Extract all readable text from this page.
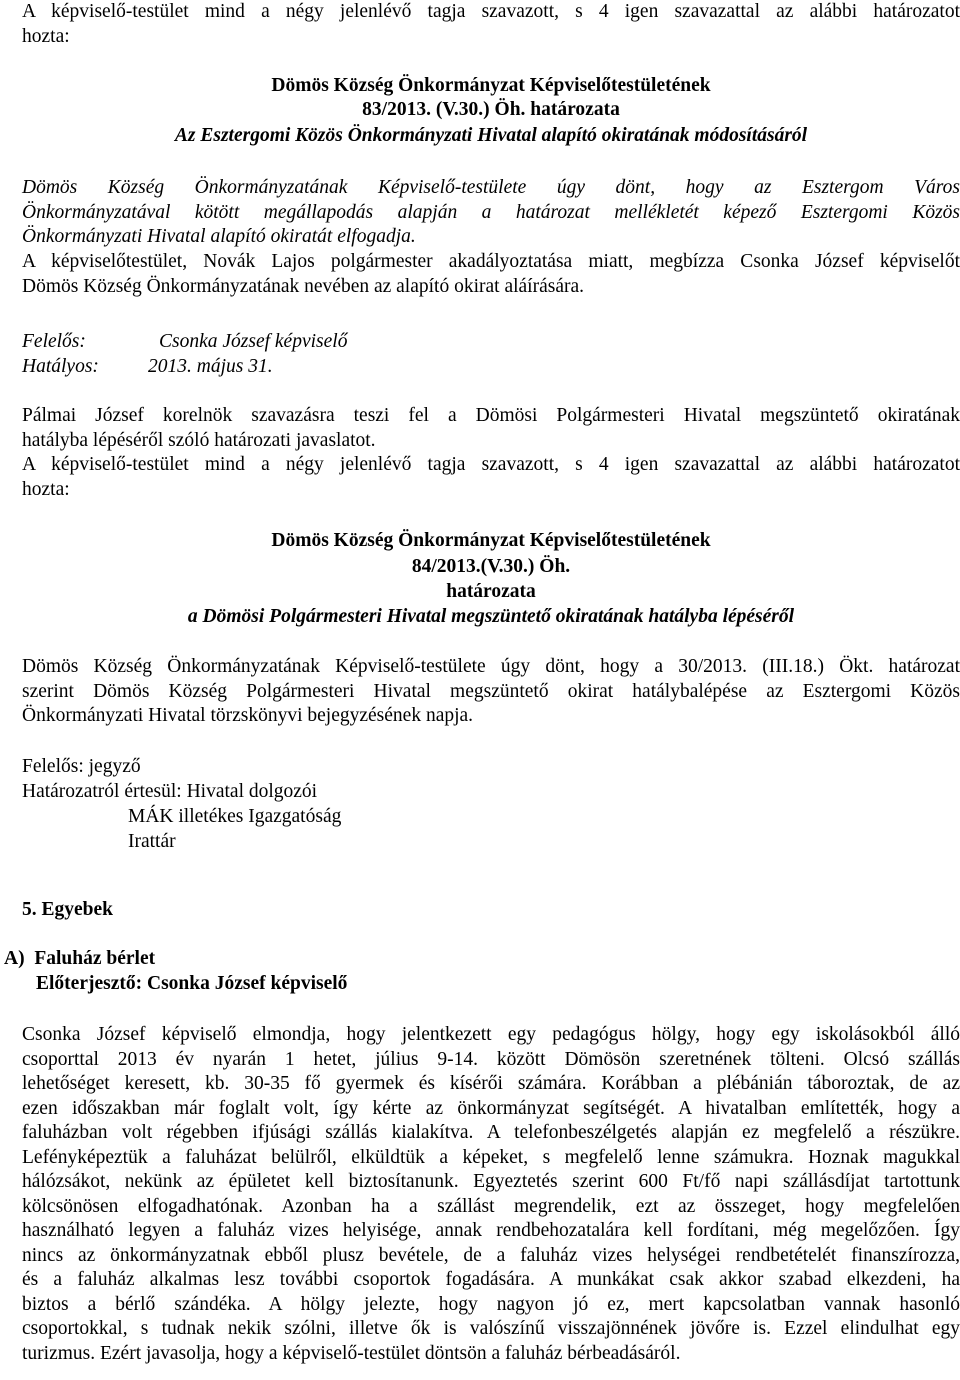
A képviselő-testület mind a négy jelenlévő tagja szavazott, s 4 igen szavazattal az alábbi határozatot
hozta:
Dömös Község Önkormányzat Képviselőtestületének
83/2013. (V.30.) Öh. határozata
Az Esztergomi Közös Önkormányzati Hivatal alapító okiratának módosításáról
Dömös Község Önkormányzatának Képviselő-testülete úgy dönt, hogy az Esztergom Város
Önkormányzatával kötött megállapodás alapján a határozat mellékletét képező Esztergomi Közös
Önkormányzati Hivatal alapító okiratát elfogadja.
A képviselőtestület, Novák Lajos polgármester akadályoztatása miatt, megbízza Csonka József képviselőt
Dömös Község Önkormányzatának nevében az alapító okirat aláírására.
Felelős:	Csonka József képviselő
Hatályos:	2013. május 31.
Pálmai József korelnök szavazásra teszi fel a Dömösi Polgármesteri Hivatal megszüntető okiratának
hatályba lépéséről szóló határozati javaslatot.
A képviselő-testület mind a négy jelenlévő tagja szavazott, s 4 igen szavazattal az alábbi határozatot
hozta:
Dömös Község Önkormányzat Képviselőtestületének
84/2013.(V.30.) Öh.
határozata
a Dömösi Polgármesteri Hivatal megszüntető okiratának hatályba lépéséről
Dömös Község Önkormányzatának Képviselő-testülete úgy dönt, hogy a 30/2013. (III.18.) Ökt. határozat
szerint Dömös Község Polgármesteri Hivatal megszüntető okirat hatálybalépése az Esztergomi Közös
Önkormányzati Hivatal törzskönyvi bejegyzésének napja.
Felelős: jegyző
Határozatról értesül: Hivatal dolgozói
MÁK illetékes Igazgatóság
Irattár
5. Egyebek
A)  Faluház bérlet
Előterjesztő: Csonka József képviselő
Csonka József képviselő elmondja, hogy jelentkezett egy pedagógus hölgy, hogy egy iskolásokból álló
csoporttal 2013 év nyarán 1 hetet, július 9-14. között Dömösön szeretnének tölteni. Olcsó szállás
lehetőséget keresett, kb. 30-35 fő gyermek és kísérői számára. Korábban a plébánián táboroztak, de az
ezen időszakban már foglalt volt, így kérte az önkormányzat segítségét. A hivatalban említették, hogy a
faluházban volt régebben ifjúsági szállás kialakítva. A telefonbeszélgetés alapján ez megfelelő a részükre.
Lefényképeztük a faluházat belülről, elküldtük a képeket, s megfelelő lenne számukra. Hoznak magukkal
hálózsákot, nekünk az épületet kell biztosítanunk. Egyeztetés szerint 600 Ft/fő napi szállásdíjat tartottunk
kölcsönösen elfogadhatónak. Azonban ha a szállást megrendelik, ezt az összeget, hogy megfelelően
használható legyen a faluház vizes helyisége, annak rendbehozatalára kell fordítani, még megelőzően. Így
nincs az önkormányzatnak ebből plusz bevétele, de a faluház vizes helységei rendbetételét finanszírozza,
és a faluház alkalmas lesz további csoportok fogadására. A munkákat csak akkor szabad elkezdeni, ha
biztos a bérlő szándéka. A hölgy jelezte, hogy nagyon jó ez, mert kapcsolatban vannak hasonló
csoportokkal, s tudnak nekik szólni, illetve ők is valószínű visszajönnének jövőre is. Ezzel elindulhat egy
turizmus. Ezért javasolja, hogy a képviselő-testület döntsön a faluház bérbeadásáról.
